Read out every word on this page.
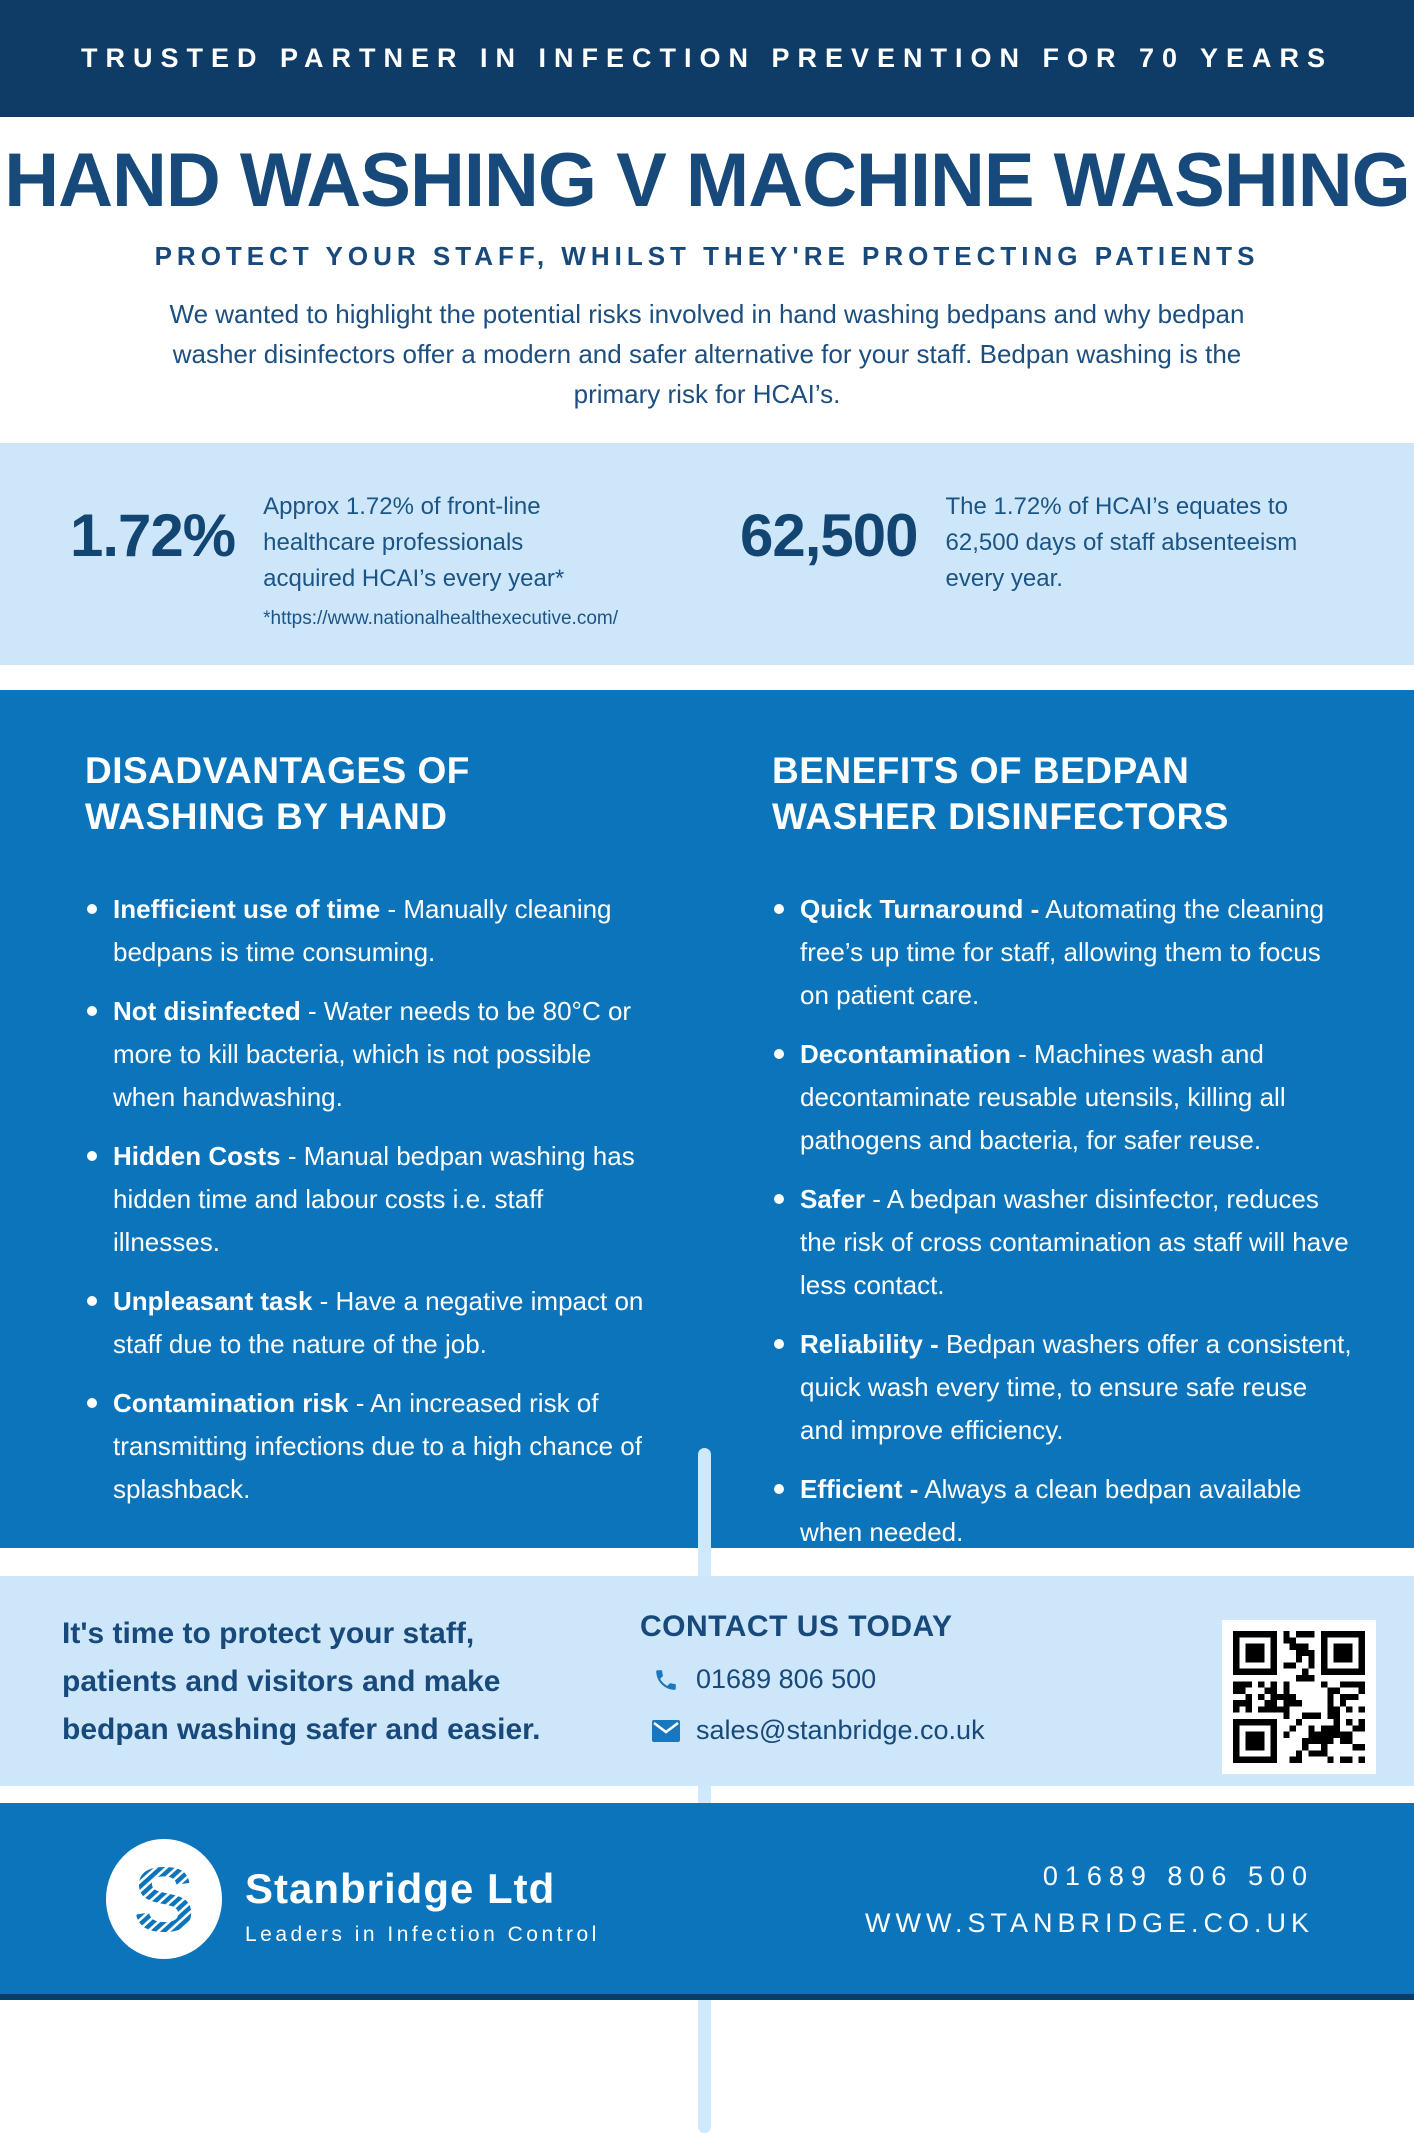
TRUSTED PARTNER IN INFECTION PREVENTION FOR 70 YEARS
HAND WASHING V MACHINE WASHING
PROTECT YOUR STAFF, WHILST THEY'RE PROTECTING PATIENTS

We wanted to highlight the potential risks involved in hand washing bedpans and why bedpan washer disinfectors offer a modern and safer alternative for your staff. Bedpan washing is the primary risk for HCAI’s.

1.72% Approx 1.72% of front-line healthcare professionals acquired HCAI’s every year*
*https://www.nationalhealthexecutive.com/
62,500 The 1.72% of HCAI’s equates to 62,500 days of staff absenteeism every year.
DISADVANTAGES OF
WASHING BY HAND

Inefficient use of time - Manually cleaning bedpans is time consuming.

Not disinfected - Water needs to be 80°C or more to kill bacteria, which is not possible when handwashing.

Hidden Costs - Manual bedpan washing has hidden time and labour costs i.e. staff illnesses.

Unpleasant task - Have a negative impact on staff due to the nature of the job.

Contamination risk - An increased risk of transmitting infections due to a high chance of splashback.

BENEFITS OF BEDPAN
WASHER DISINFECTORS

Quick Turnaround - Automating the cleaning free’s up time for staff, allowing them to focus on patient care.

Decontamination - Machines wash and decontaminate reusable utensils, killing all pathogens and bacteria, for safer reuse.

Safer - A bedpan washer disinfector, reduces the risk of cross contamination as staff will have less contact.

Reliability - Bedpan washers offer a consistent, quick wash every time, to ensure safe reuse and improve efficiency.

Efficient - Always a clean bedpan available when needed.

It's time to protect your staff,
patients and visitors and make
bedpan washing safer and easier.
CONTACT US TODAY
01689 806 500
sales@stanbridge.co.uk
S Stanbridge Ltd
Leaders in Infection Control
01689 806 500
WWW.STANBRIDGE.CO.UK
